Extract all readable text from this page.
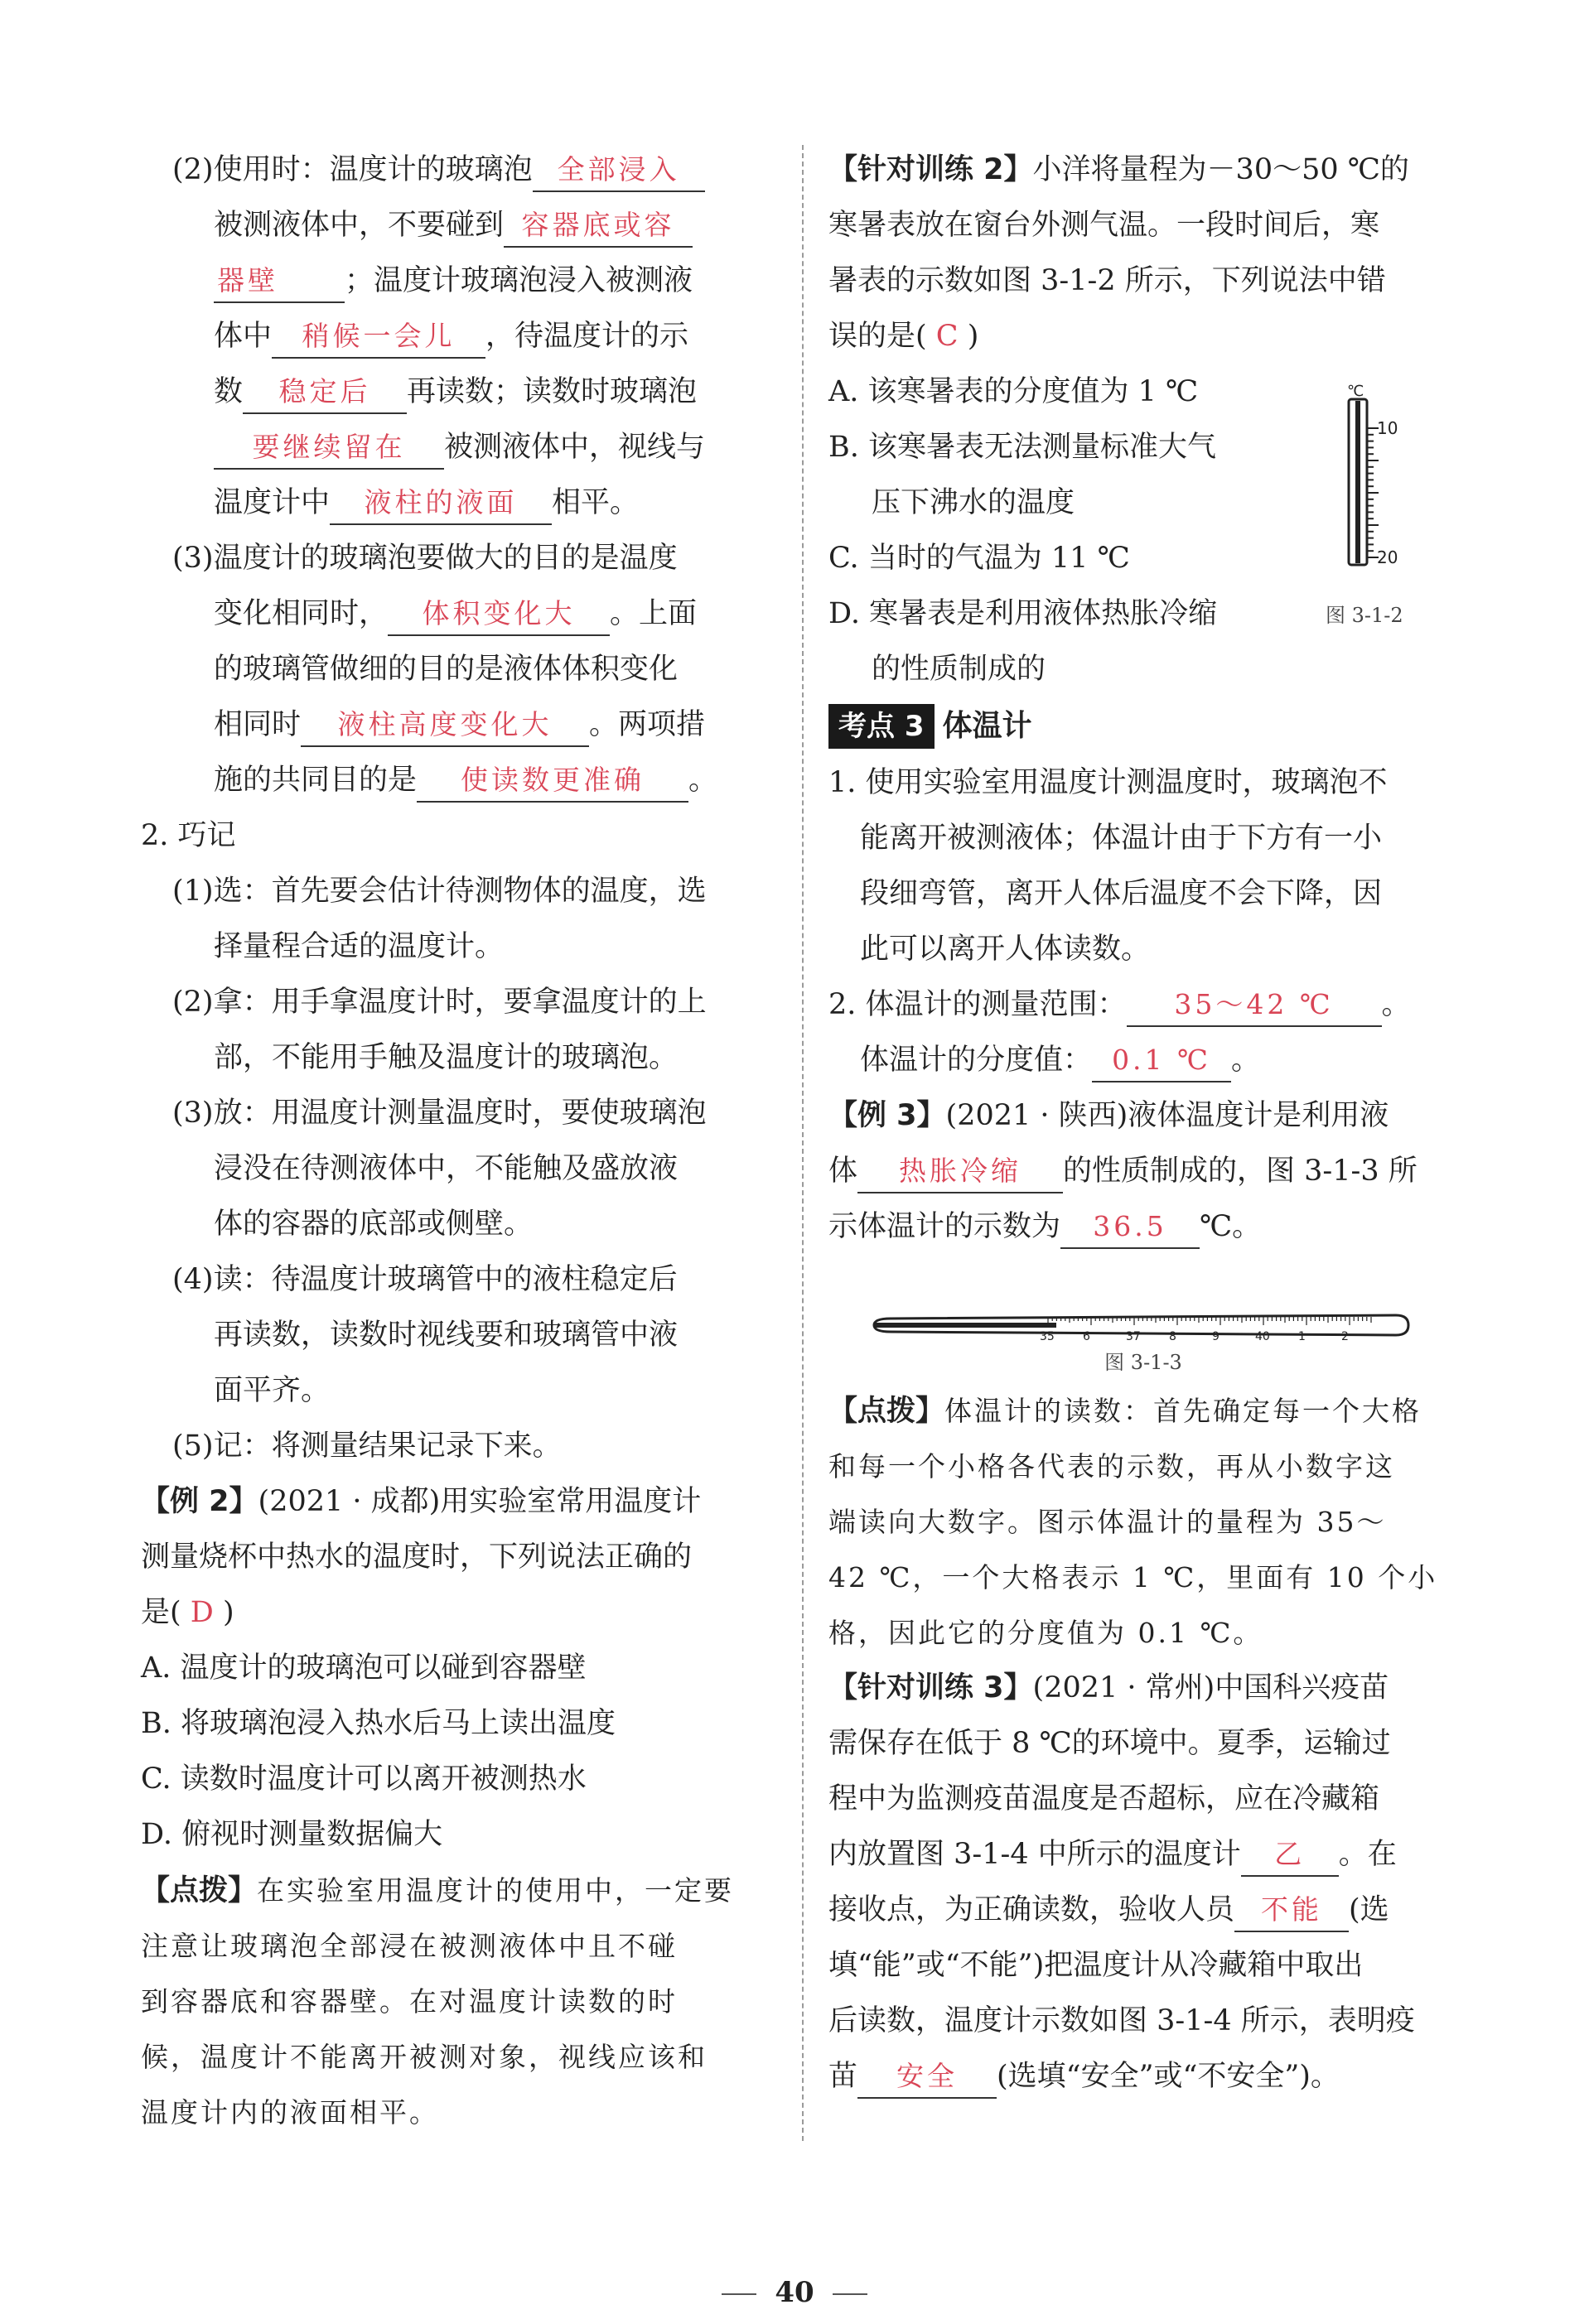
(2)使用时：温度计的玻璃泡 全部浸入
被测液体中，不要碰到 容器底或容
器壁 ；温度计玻璃泡浸入被测液
体中 稍候一会儿 ，待温度计的示
数 稳定后 再读数；读数时玻璃泡
要继续留在 被测液体中，视线与
温度计中 液柱的液面 相平。
(3)温度计的玻璃泡要做大的目的是温度
变化相同时， 体积变化大 。上面
的玻璃管做细的目的是液体体积变化
相同时 液柱高度变化大 。两项措
施的共同目的是 使读数更准确 。
2. 巧记
(1)选：首先要会估计待测物体的温度，选
择量程合适的温度计。
(2)拿：用手拿温度计时，要拿温度计的上
部，不能用手触及温度计的玻璃泡。
(3)放：用温度计测量温度时，要使玻璃泡
浸没在待测液体中，不能触及盛放液
体的容器的底部或侧壁。
(4)读：待温度计玻璃管中的液柱稳定后
再读数，读数时视线要和玻璃管中液
面平齐。
(5)记：将测量结果记录下来。
【例 2】(2021 · 成都)用实验室常用温度计
测量烧杯中热水的温度时，下列说法正确的
是( D )
A. 温度计的玻璃泡可以碰到容器壁
B. 将玻璃泡浸入热水后马上读出温度
C. 读数时温度计可以离开被测热水
D. 俯视时测量数据偏大
【点拨】在实验室用温度计的使用中，一定要
注意让玻璃泡全部浸在被测液体中且不碰
到容器底和容器壁。在对温度计读数的时
候，温度计不能离开被测对象，视线应该和
温度计内的液面相平。
【针对训练 2】小洋将量程为－30～50 ℃的
寒暑表放在窗台外测气温。一段时间后，寒
暑表的示数如图 3-1-2 所示，下列说法中错
误的是( C )
A. 该寒暑表的分度值为 1 ℃
B. 该寒暑表无法测量标准大气
压下沸水的温度
C. 当时的气温为 11 ℃
D. 寒暑表是利用液体热胀冷缩	图 3-1-2
的性质制成的
考点 3 体温计
1. 使用实验室用温度计测温度时，玻璃泡不
能离开被测液体；体温计由于下方有一小
段细弯管，离开人体后温度不会下降，因
此可以离开人体读数。
2. 体温计的测量范围： 35～42 ℃ 。
体温计的分度值： 0.1 ℃ 。
【例 3】(2021 · 陕西)液体温度计是利用液
体 热胀冷缩 的性质制成的，图 3-1-3 所
示体温计的示数为 36.5 ℃。
图 3-1-3
【点拨】体温计的读数：首先确定每一个大格
和每一个小格各代表的示数，再从小数字这
端读向大数字。图示体温计的量程为 35～
42 ℃，一个大格表示 1 ℃，里面有 10 个小
格，因此它的分度值为 0.1 ℃。
【针对训练 3】(2021 · 常州)中国科兴疫苗
需保存在低于 8 ℃的环境中。夏季，运输过
程中为监测疫苗温度是否超标，应在冷藏箱
内放置图 3-1-4 中所示的温度计 乙 。在
接收点，为正确读数，验收人员 不能 (选
填“能”或“不能”)把温度计从冷藏箱中取出
后读数，温度计示数如图 3-1-4 所示，表明疫
苗 安全 (选填“安全”或“不安全”)。
℃
10
20
35 6	37 8	9	40 1	2
40
